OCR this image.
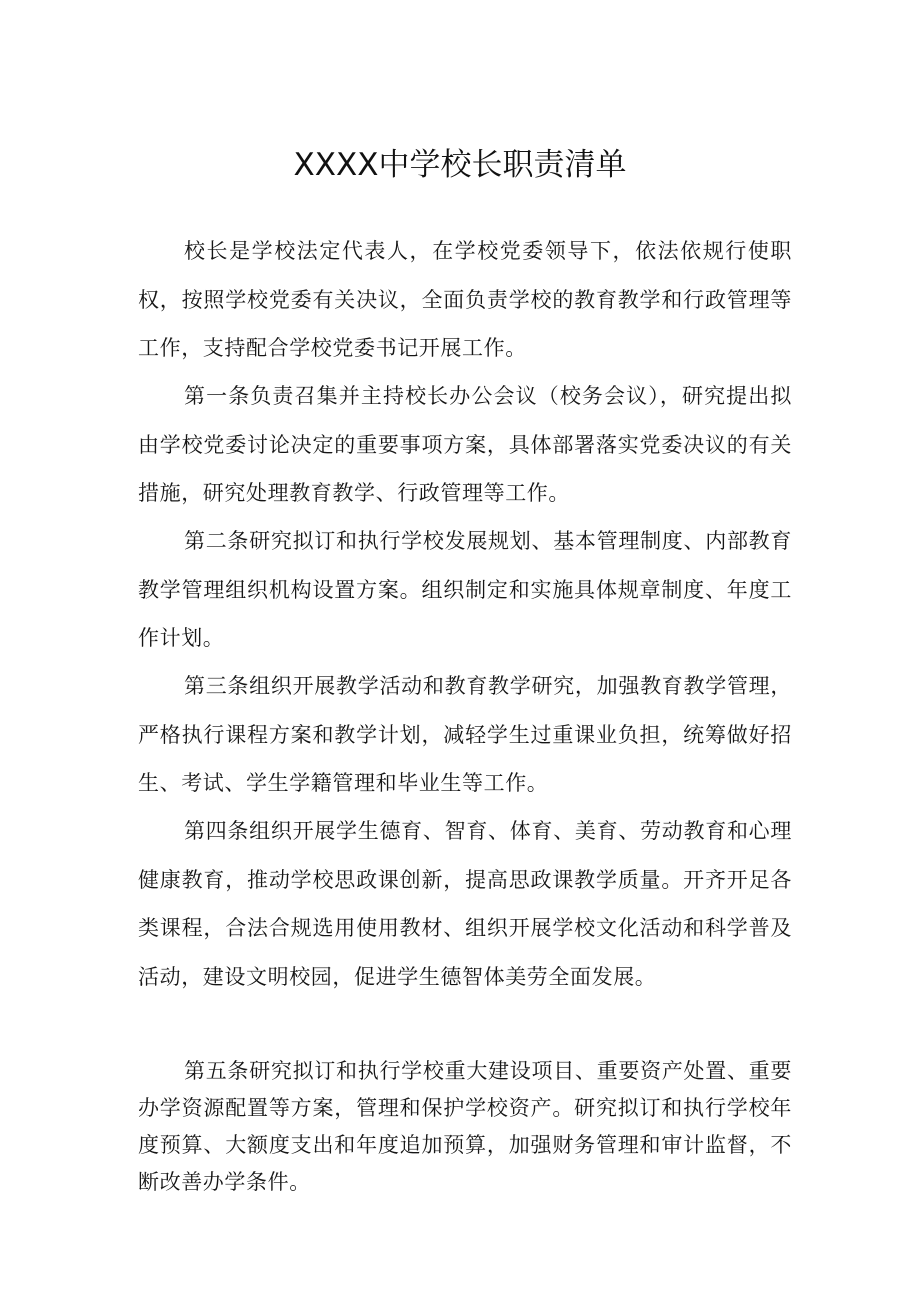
XXXX中学校长职责清单

校长是学校法定代表人，在学校党委领导下，依法依规行使职权，按照学校党委有关决议，全面负责学校的教育教学和行政管理等工作，支持配合学校党委书记开展工作。

第一条负责召集并主持校长办公会议（校务会议），研究提出拟由学校党委讨论决定的重要事项方案，具体部署落实党委决议的有关措施，研究处理教育教学、行政管理等工作。

第二条研究拟订和执行学校发展规划、基本管理制度、内部教育教学管理组织机构设置方案。组织制定和实施具体规章制度、年度工作计划。

第三条组织开展教学活动和教育教学研究，加强教育教学管理，严格执行课程方案和教学计划，减轻学生过重课业负担，统筹做好招生、考试、学生学籍管理和毕业生等工作。

第四条组织开展学生德育、智育、体育、美育、劳动教育和心理健康教育，推动学校思政课创新，提高思政课教学质量。开齐开足各类课程，合法合规选用使用教材、组织开展学校文化活动和科学普及活动，建设文明校园，促进学生德智体美劳全面发展。

第五条研究拟订和执行学校重大建设项目、重要资产处置、重要办学资源配置等方案，管理和保护学校资产。研究拟订和执行学校年度预算、大额度支出和年度追加预算，加强财务管理和审计监督，不断改善办学条件。
